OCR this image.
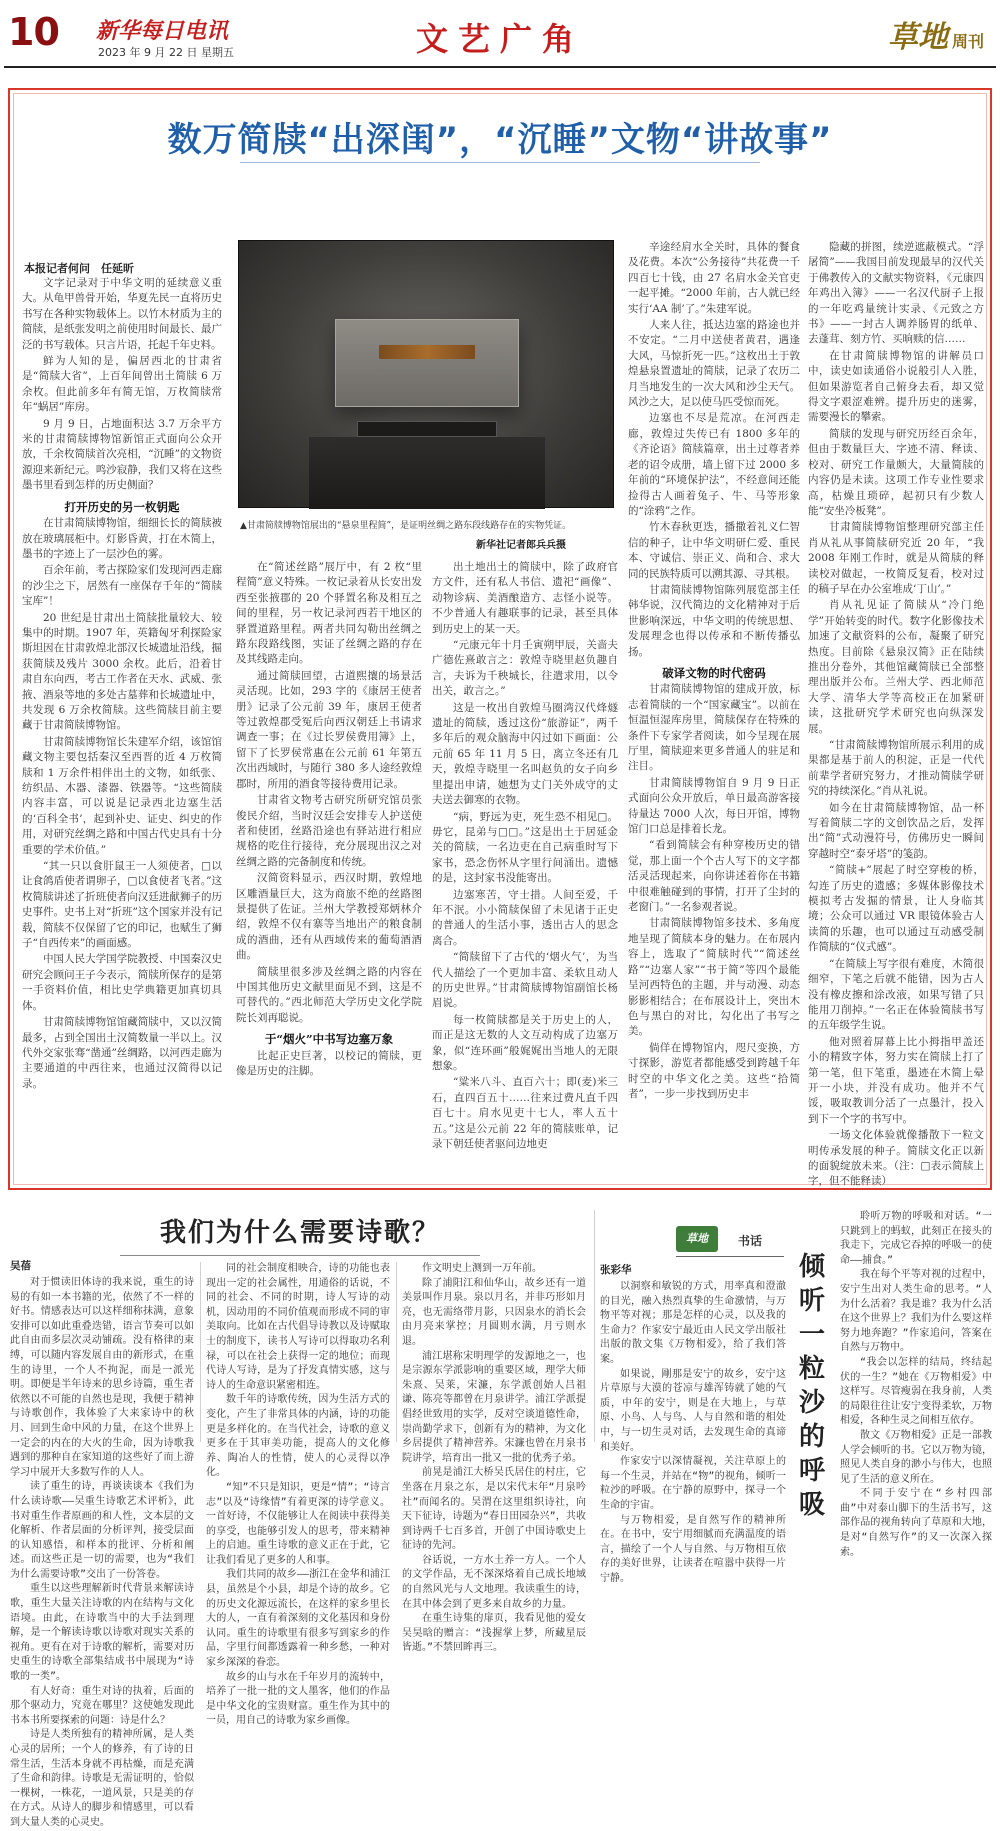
10 新华每日电讯
2023 年 9 月 22 日 星期五	文艺广角	草地 周刊
数万简牍“出深闺”，“沉睡”文物“讲故事”
本报记者何问　任延昕

文字记录对于中华文明的延续意义重大。从龟甲兽骨开始，华夏先民一直将历史书写在各种实物载体上。以竹木材质为主的简牍，是纸张发明之前使用时间最长、最广泛的书写载体。只言片语，托起千年史料。

鲜为人知的是，偏居西北的甘肃省是“简牍大省”，上百年间曾出土简牍 6 万余枚。但此前多年有简无馆，万枚简牍常年“蜗居”库房。

9 月 9 日，占地面积达 3.7 万余平方米的甘肃简牍博物馆新馆正式面向公众开放，千余枚简牍首次亮相，“沉睡”的文物资源迎来新纪元。鸣沙寂静，我们又将在这些墨书里看到怎样的历史侧面？

打开历史的另一枚钥匙

在甘肃简牍博物馆，细细长长的简牍被放在玻璃展柜中。灯影昏黄，打在木简上，墨书的字迹上了一层沙色的雾。

百余年前，考古探险家们发现河西走廊的沙尘之下，居然有一座保存千年的“简牍宝库”！

20 世纪是甘肃出土简牍批量较大、较集中的时期。1907 年，英籍匈牙利探险家斯坦因在甘肃敦煌北部汉长城遗址沿线，掘获简牍及残片 3000 余枚。此后，沿着甘肃自东向西，考古工作者在天水、武威、张掖、酒泉等地的多处古墓葬和长城遗址中，共发现 6 万余枚简牍。这些简牍目前主要藏于甘肃简牍博物馆。

甘肃简牍博物馆长朱建军介绍，该馆馆藏文物主要包括秦汉至西晋的近 4 万枚简牍和 1 万余件相伴出土的文物，如纸张、纺织品、木器、漆器、铁器等。“这些简牍内容丰富，可以说是记录西北边塞生活的‘百科全书’，起到补史、证史、纠史的作用，对研究丝绸之路和中国古代史具有十分重要的学术价值。”

“其一只以食肝鼠王一人须使者，□以让食鸽盾使者谓卵子，□以食使者飞者。”这枚简牍讲述了折班使者向汉廷进献狮子的历史事件。史书上对“折班”这个国家并没有记载，简牍不仅保留了它的印记，也赋生了狮子“自西传来”的画面感。

中国人民大学国学院教授、中国秦汉史研究会顾问王子今表示，简牍所保存的是第一手资料价值，相比史学典籍更加真切具体。

甘肃简牍博物馆馆藏简牍中，又以汉简最多，占到全国出土汉简数量一半以上。汉代外交家张骞“凿通”丝绸路，以河西走廊为主要通道的中西往来，也通过汉简得以记录。

▲甘肃简牍博物馆展出的“悬泉里程简”，是证明丝绸之路东段线路存在的实物凭证。
新华社记者郎兵兵摄

在“简述丝路”展厅中，有 2 枚“里程简”意义特殊。一枚记录着从长安出发西至张掖郡的 20 个驿置名称及相互之间的里程，另一枚记录河西若干地区的驿置道路里程。两者共同勾勒出丝绸之路东段路线图，实证了丝绸之路的存在及其线路走向。

通过简牍回望，古道熙攘的场景活灵活现。比如，293 字的《康居王使者册》记录了公元前 39 年，康居王使者等过敦煌郡受冤后向西汉朝廷上书请求调查一事；在《过长罗侯费用簿》上，留下了长罗侯常惠在公元前 61 年第五次出西域时，与随行 380 多人途经敦煌郡时，所用的酒食等接待费用记录。

甘肃省文物考古研究所研究馆员张俊民介绍，当时汉廷会安排专人护送使者和使团，丝路沿途也有驿站进行相应规格的吃住行接待，充分展现出汉之对丝绸之路的完备制度和传统。

汉简资料显示，西汉时期，敦煌地区雕酒量巨大，这为商旅不绝的丝路图景提供了佐证。兰州大学教授郑炳林介绍，敦煌不仅有寨等当地出产的粮食制成的酒曲，还有从西域传来的葡萄酒酒曲。

简牍里很多涉及丝绸之路的内容在中国其他历史文献里面见不到，这是不可替代的。”西北师范大学历史文化学院院长刘再聪说。

于“烟火”中书写边塞万象

比起正史巨著，以校记的简牍，更像是历史的注脚。

出土地出土的简牍中，除了政府官方文件，还有私人书信、遗祀“画像”、动物诊病、美酒酿造方、志怪小说等。不少普通人有趣联事的记录，甚至具体到历史上的某一天。

“元康元年十月壬寅朔甲辰，关啬夫广德佐熹敢言之：敦煌寺晓里赵负趣自言，夫诉为千秧城长，往遣求用，以令出关，敢言之。”

这是一枚出自敦煌马圈湾汉代烽燧遗址的简牍，透过这份“旅游证”，两千多年后的观众脑海中闪过如下画面：公元前 65 年 11 月 5 日，离立冬还有几天，敦煌寺晓里一名叫赵负的女子向乡里提出申请，她想为丈门关外成守的丈夫送去御寒的衣物。

“病，野远为吏，死生恐不相见□。毋它，昆弟与□□。”这是出土于居延金关的简牍，一名边吏在自己病重时写下家书，恐念伤怀从字里行间涌出。遗憾的是，这封家书没能寄出。

边塞寒苦，守士措。人间至爱，千年不泯。小小简牍保留了未见诸于正史的普通人的生活小事，透出古人的思念离合。

“简牍留下了古代的‘烟火气’，为当代人描绘了一个更加丰富、柔软且动人的历史世界。”甘肃简牍博物馆副馆长杨眉说。

每一枚简牍都是关于历史上的人，而正是这无数的人文互动构成了边塞万象，似“连环画”般娓娓出当地人的无限想象。

“粱米八斗、直百六十；即(麦)米三石，直四百五十……往来过费凡直千四百七十。肩水见吏十七人，率人五十五。”这是公元前 22 年的简牍账单，记录下朝廷使者驱问边地吏

辛途经肩水全关时，具体的餐食及花费。本次“公务接待”共花费一千四百七十钱，由 27 名肩水金关官吏一起平摊。“2000 年前，古人就已经实行‘AA 制’了。”朱建军说。

人来人往，抵达边塞的路途也并不安定。“二月中送使者黄君，遇逢大风，马惊折死一匹。”这枚出土于敦煌悬泉置遗址的简牍，记录了农历二月当地发生的一次大风和沙尘天气。风沙之大，足以使马匹受惊而死。

边塞也不尽是荒凉。在河西走廊，敦煌过失传已有 1800 多年的《齐论语》简牍篇章，出土过尊者养老的诏令成册，墙上留下过 2000 多年前的“环境保护法”，不经意间还能捡得古人画着兔子、牛、马等形象的“涂鸦”之作。

竹木春秋更迭，播撒着礼义仁智信的种子，让中华文明研仁爱、重民本、守诚信、崇正义、尚和合、求大同的民族特质可以溯其源、寻其根。

甘肃简牍博物馆陈列展览部主任韩华说，汉代简边的文化精神对于后世影响深远，中华文明的传统思想、发展理念也得以传承和不断传播弘扬。

破译文物的时代密码

甘肃简牍博物馆的建成开放，标志着简牍的一个“国家藏宝”。以前在恒温恒湿库房里，简牍保存在特殊的条件下专家学者阅读，如今呈现在展厅里，简牍迎来更多普通人的驻足和注目。

甘肃简牍博物馆自 9 月 9 日正式面向公众开放后，单日最高游客接待量达 7000 人次，每日开馆，博物馆门口总是排着长龙。

“看到简牍会有种穿梭历史的错觉，那上面一个个古人写下的文字都活灵活现起来，向你讲述着你在书籍中很难触碰到的事情，打开了尘封的老窗门。”一名参观者说。

甘肃简牍博物馆多技术、多角度地呈现了简牍本身的魅力。在布展内容上，选取了“简牍时代”“简述丝路”“边塞人家”“书于简”等四个最能呈河西特色的主题，并与动漫、动态影影相结合；在布展设计上，突出木色与黑白的对比，勾化出了书写之美。

倘佯在博物馆内，咫尺变换，方寸探影，游览者都能感受到跨越千年时空的中华文化之美。这些“拾简者”，一步一步找到历史丰

隐藏的拼图，续逆遮蔽模式。“浮屠简”——我国目前发现最早的汉代关于佛教传入的文献实物资料，《元康四年鸡出入簿》——一名汉代厨子上报的一年吃鸡量统计实录、《元致之方书》——一封古人调养肠胃的纸单、去蓬茸、刻方竹、买晌赎的信……

在甘肃简牍博物馆的讲解员口中，读史如读通俗小说般引人入胜，但如果游览者自己俯身去看，却又觉得文字艰涩难辨。提升历史的迷雾，需要漫长的攀索。

简牍的发现与研究历经百余年，但由于数量巨大、字迹不清、释读、校对、研究工作量颇大，大量简牍的内容仍是未读。这项工作专业性要求高，枯燥且琐碎，起初只有少数人能“安坐冷板凳”。

甘肃简牍博物馆整理研究部主任肖从礼从事简牍研究近 20 年，“我 2008 年刚工作时，就是从简牍的释读校对做起，一枚简反复看，校对过的稿子早在办公室堆成‘丁山’。”

肖从礼见证了简牍从“冷门绝学”开始转变的时代。数字化影像技术加速了文献资料的公布，凝聚了研究热度。目前除《悬泉汉简》正在陆续推出分卷外，其他馆藏简牍已全部整理出版并公布。兰州大学、西北师范大学、清华大学等高校正在加紧研读，这批研究学术研究也向纵深发展。

“甘肃简牍博物馆所展示利用的成果都是基于前人的积淀，正是一代代前辈学者研究努力，才推动简牍学研究的持续深化。”肖从礼说。

如今在甘肃简牍博物馆，品一杯写着简牍二字的文创饮品之后，发挥出“简”式动漫符号，仿佛历史一瞬间穿越时空“泰牙塔”的笺韵。

“简牍+”展起了时空穿梭的桥，勾连了历史的遗感；多媒体影像技术模拟考古发掘的情景，让人身临其境；公众可以通过 VR 眼镜体验古人读简的乐趣，也可以通过互动感受制作简牍的“仪式感”。

“在简牍上写字很有难度，木简很细窄，下笔之后就不能错，因为古人没有橡皮擦和涂改液，如果写错了只能用刀削掉。”一名正在体验简牍书写的五年级学生说。

他对照着屏幕上比小拇指甲盖还小的精致字体，努力实在简牍上打了第一笔，但下笔重，墨迹在木简上晕开一小块，并没有成功。他并不气馁，吸取教训分活了一点墨汁，投入到下一个字的书写中。

一场文化体验就像播散下一粒文明传承发展的种子。简牍文化正以新的面貌绽放未来。（注：□表示简牍上字，但不能释读）

我们为什么需要诗歌？
吴蓓

对于惯读旧体诗的我来说，重生的诗易的有如一本书籍的光，依然了不一样的好书。情感表达可以这样细称抹满，意象安排可以如此重叠迭错，语言节奏可以如此自由而多层次灵动铺疏。没有格律的束缚，可以随内容发展自由的新形式，在重生的诗里，一个人不拘泥，而是一派光明。即便是半年诗来的思乡诗篇，重生者依然以不可能的自然也是现，我便于精神与诗歌创作，我体验了大来家诗中的秋月、回到生命中风的力量，在这个世界上一定会的内在的大火的生命，因为诗歌我遇到的那种自在家知道的这些好了而上游学习中展开大多数写作的人人。

读了重生的诗，再谈读谈本《我们为什么读诗歌——吴重生诗歌艺术评析》，此书对重生作者原画的和人性，文本层的文化解析、作者层面的分析评判，接受层面的认知感悟，和样本的批评、分析和阐述。而这些正是一切的需要，也为“我们为什么需要诗歌”交出了一份答卷。

重生以这些理解新时代背景来解读诗歌，重生大量关注诗歌的内在结构与文化语境。由此，在诗歌当中的大手法到理解，是一个解读诗歌以诗歌对现实关系的视角。更有在对于诗歌的解析，需要对历史重生的诗歌全部集结成书中展现为“诗歌的一类”。

有人好奇：重生对诗的执着，后面的那个驱动力，究竟在哪里？这使她发现此书本书所要探索的问题：诗是什么？

诗是人类所独有的精神所属，是人类心灵的居所；一个人的修养，有了诗的日常生活，生活本身就不再枯燥，而是充满了生命和韵律。诗歌是无需证明的，恰似一棵树，一株花，一道风景，只是美的存在方式。从诗人的脚步和情感里，可以看到大量人类的心灵史。

同的社会制度相映合，诗的功能也表现出一定的社会属性，用通俗的话说，不同的社会、不同的时期，诗人写诗的动机，因动用的不同价值观而形成不同的审美取向。比如在古代倡导诗教以及诗赋取士的制度下，读书人写诗可以得取功名利禄，可以在社会上获得一定的地位；而现代诗人写诗，是为了抒发真情实感，这与诗人的生命意识紧密相连。

数千年的诗歌传统，因为生活方式的变化，产生了非常具体的内涵，诗的功能更是多样化的。在当代社会，诗歌的意义更多在于其审美功能，提高人的文化修养、陶冶人的性情，使人的心灵得以净化。

“知”不只是知识，更是“情”；“诗言志”以及“诗缘情”有着更深的诗学意义。一首好诗，不仅能够让人在阅读中获得美的享受，也能够引发人的思考，带来精神上的启迪。重生诗歌的意义正在于此，它让我们看见了更多的人和事。

我们共同的故乡——浙江在金华和浦江县，虽然是个小县，却是个诗的故乡。它的历史文化源远流长，在这样的家乡里长大的人，一直有着深刻的文化基因和身份认同。重生的诗歌里有很多写到家乡的作品，字里行间都透露着一种乡愁，一种对家乡深深的眷恋。

故乡的山与水在千年岁月的流转中，培养了一批一批的文人墨客，他们的作品是中华文化的宝贵财富。重生作为其中的一员，用自己的诗歌为家乡画像。

作文明史上测到一万年前。

除了浦阳江和仙华山，故乡还有一道美景叫作月泉。泉以月名，并非巧形如月亮，也无需络带月影，只因泉水的消长会由月亮来掌控；月圆则水满，月亏则水退。

浦江堪称宋明理学的发源地之一，也是宗源东学派影响的重要区域，理学大师朱熹、吴莱，宋濂，东学派创始人吕祖谦、陈亮等都曾在月泉讲学。浦江学派提倡经世致用的实学，反对空谈道德性命，崇尚勤学求下，创新有为的精神，为文化乡居提供了精神营养。宋濂也曾在月泉书院讲学，培育出一批又一批的优秀子弟。

前晃是浦江大桥吴氏居住的村庄，它坐落在月泉之东，是以宋代末年“月泉吟社”而闻名的。吴渭在这里组织诗社，向天下征诗，诗题为“春日田园杂兴”，共收到诗两千七百多首，开创了中国诗歌史上征诗的先河。

谷话说，一方水土养一方人。一个人的文学作品，无不深深烙着自己成长地域的自然风光与人文地理。我读重生的诗，在其中体会到了更多来自故乡的力量。

在重生诗集的扉页，我看见他的爱女吴昊晗的赠言：“浅握掌上梦，所藏星辰皆逝。”不禁回眸再三。

草地	书话
张彩华

以洞察和敏锐的方式，用率真和澄澈的目光，融入热烈真挚的生命激情，与万物平等对视；那是怎样的心灵，以及我的生命力？作家安宁最近由人民文学出版社出版的散文集《万物相爱》，给了我们答案。

如果说，剛那是安宁的故乡，安宁这片草原与大漠的苍凉与雄浑铸就了她的气质，中年的安宁，则是在大地上，与草原、小鸟、人与鸟、人与自然和谐的相处中，与一切生灵对话，去发现生命的真谛和美好。

作家安宁以深情凝视，关注草原上的每一个生灵，并站在“物”的视角，倾听一粒沙的呼吸。在宁静的原野中，探寻一个生命的宇宙。

与万物相爱，是自然写作的精神所在。在书中，安宁用细腻而充满温度的语言，描绘了一个人与自然、与万物相互依存的美好世界，让读者在喧嚣中获得一片宁静。

倾听一粒沙的呼吸

聆听万物的呼吸和对话。“一只跳到上的蚂蚁，此刻正在接头的我走下，完成它吞掉的呼吸一的使命——捕食。”

我在每个平等对视的过程中，安宁生出对人类生命的思考。“人为什么活着？我是谁？我为什么活在这个世界上？我们为什么要这样努力地奔跑？”作家追问，答案在自然与万物中。

“我会以怎样的结局，终结起伏的一生？”她在《万物相爱》中这样写。尽管瘦弱在我身前，人类的局限往往让安宁变得柔软，万物相爱，各种生灵之间相互依存。

散文《万物相爱》正是一部教人学会倾听的书。它以万物为镜，照见人类自身的渺小与伟大，也照见了生活的意义所在。

不同于安宁在“乡村四部曲”中对泰山脚下的生活书写，这部作品的视角转向了草原和大地，是对“自然写作”的又一次深入探索。
